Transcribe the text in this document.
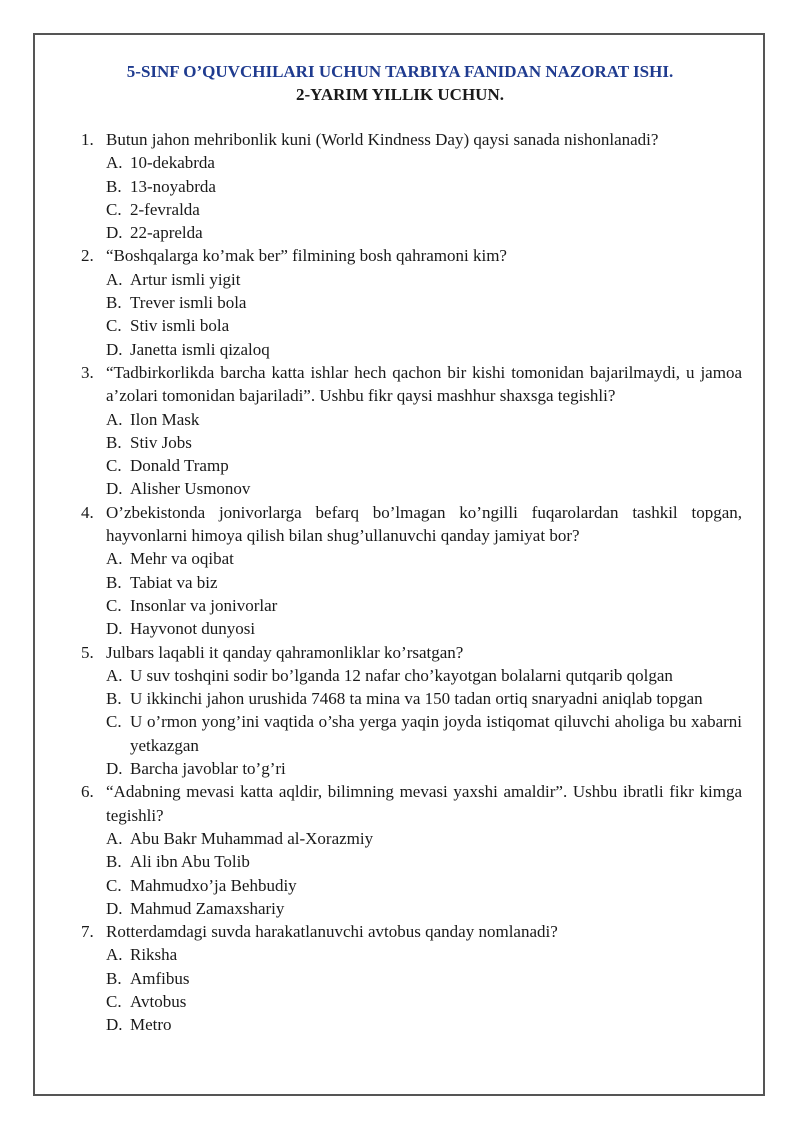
5-SINF O’QUVCHILARI UCHUN TARBIYA FANIDAN NAZORAT ISHI.
2-YARIM YILLIK UCHUN.
1. Butun jahon mehribonlik kuni (World Kindness Day) qaysi sanada nishonlanadi?
A. 10-dekabrda
B. 13-noyabrda
C. 2-fevralda
D. 22-aprelda
2. “Boshqalarga ko’mak ber” filmining bosh qahramoni kim?
A. Artur ismli yigit
B. Trever ismli bola
C. Stiv ismli bola
D. Janetta ismli qizaloq
3. “Tadbirkorlikda barcha katta ishlar hech qachon bir kishi tomonidan bajarilmaydi, u jamoa a’zolari tomonidan bajariladi”. Ushbu fikr qaysi mashhur shaxsga tegishli?
A. Ilon Mask
B. Stiv Jobs
C. Donald Tramp
D. Alisher Usmonov
4. O’zbekistonda jonivorlarga befarq bo’lmagan ko’ngilli fuqarolardan tashkil topgan, hayvonlarni himoya qilish bilan shug’ullanuvchi qanday jamiyat bor?
A. Mehr va oqibat
B. Tabiat va biz
C. Insonlar va jonivorlar
D. Hayvonot dunyosi
5. Julbars laqabli it qanday qahramonliklar ko’rsatgan?
A. U suv toshqini sodir bo’lganda 12 nafar cho’kayotgan bolalarni qutqarib qolgan
B. U ikkinchi jahon urushida 7468 ta mina va 150 tadan ortiq snaryadni aniqlab topgan
C. U o’rmon yong’ini vaqtida o’sha yerga yaqin joyda istiqomat qiluvchi aholiga bu xabarni yetkazgan
D. Barcha javoblar to’g’ri
6. “Adabning mevasi katta aqldir, bilimning mevasi yaxshi amaldir”. Ushbu ibratli fikr kimga tegishli?
A. Abu Bakr Muhammad al-Xorazmiy
B. Ali ibn Abu Tolib
C. Mahmudxo’ja Behbudiy
D. Mahmud Zamaxshariy
7. Rotterdamdagi suvda harakatlanuvchi avtobus qanday nomlanadi?
A. Riksha
B. Amfibus
C. Avtobus
D. Metro
